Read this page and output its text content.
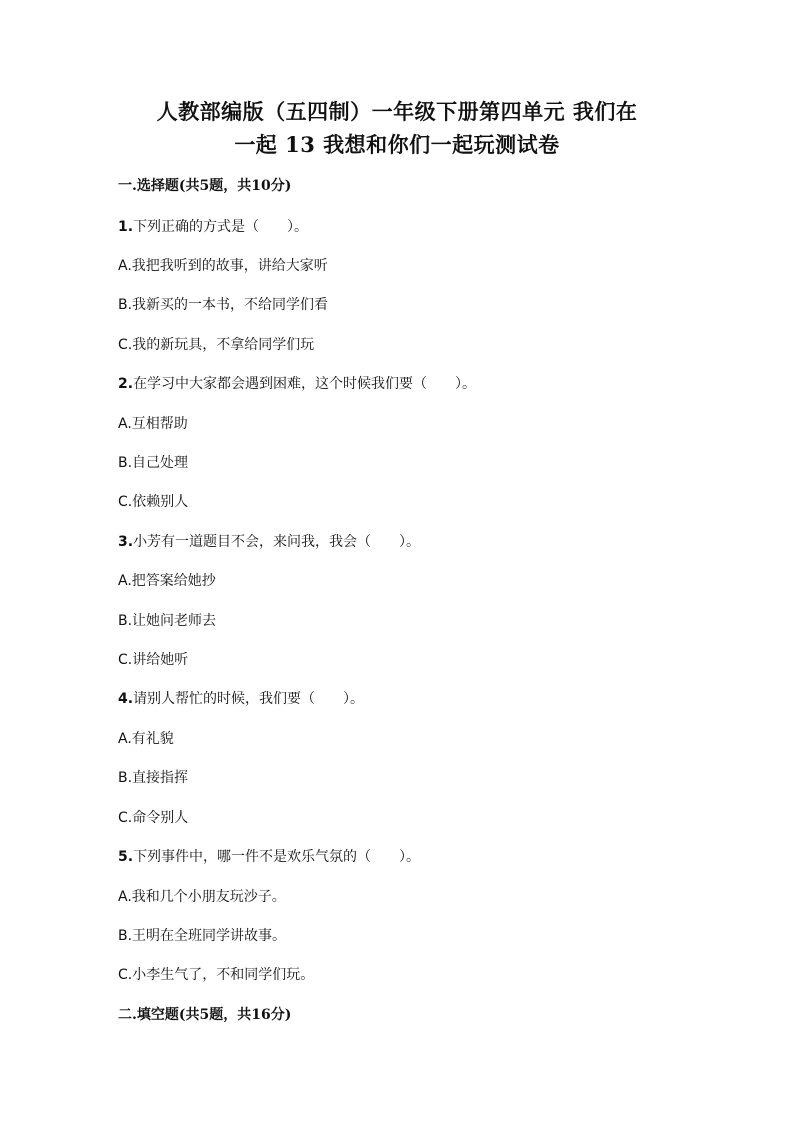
人教部编版（五四制）一年级下册第四单元 我们在
一起 13 我想和你们一起玩测试卷

一.选择题(共5题，共10分)

1.下列正确的方式是（　　）。

A.我把我听到的故事，讲给大家听

B.我新买的一本书，不给同学们看

C.我的新玩具，不拿给同学们玩

2.在学习中大家都会遇到困难，这个时候我们要（　　）。

A.互相帮助

B.自己处理

C.依赖别人

3.小芳有一道题目不会，来问我，我会（　　）。

A.把答案给她抄

B.让她问老师去

C.讲给她听

4.请别人帮忙的时候，我们要（　　）。

A.有礼貌

B.直接指挥

C.命令别人

5.下列事件中，哪一件不是欢乐气氛的（　　）。

A.我和几个小朋友玩沙子。

B.王明在全班同学讲故事。

C.小李生气了，不和同学们玩。

二.填空题(共5题，共16分)
